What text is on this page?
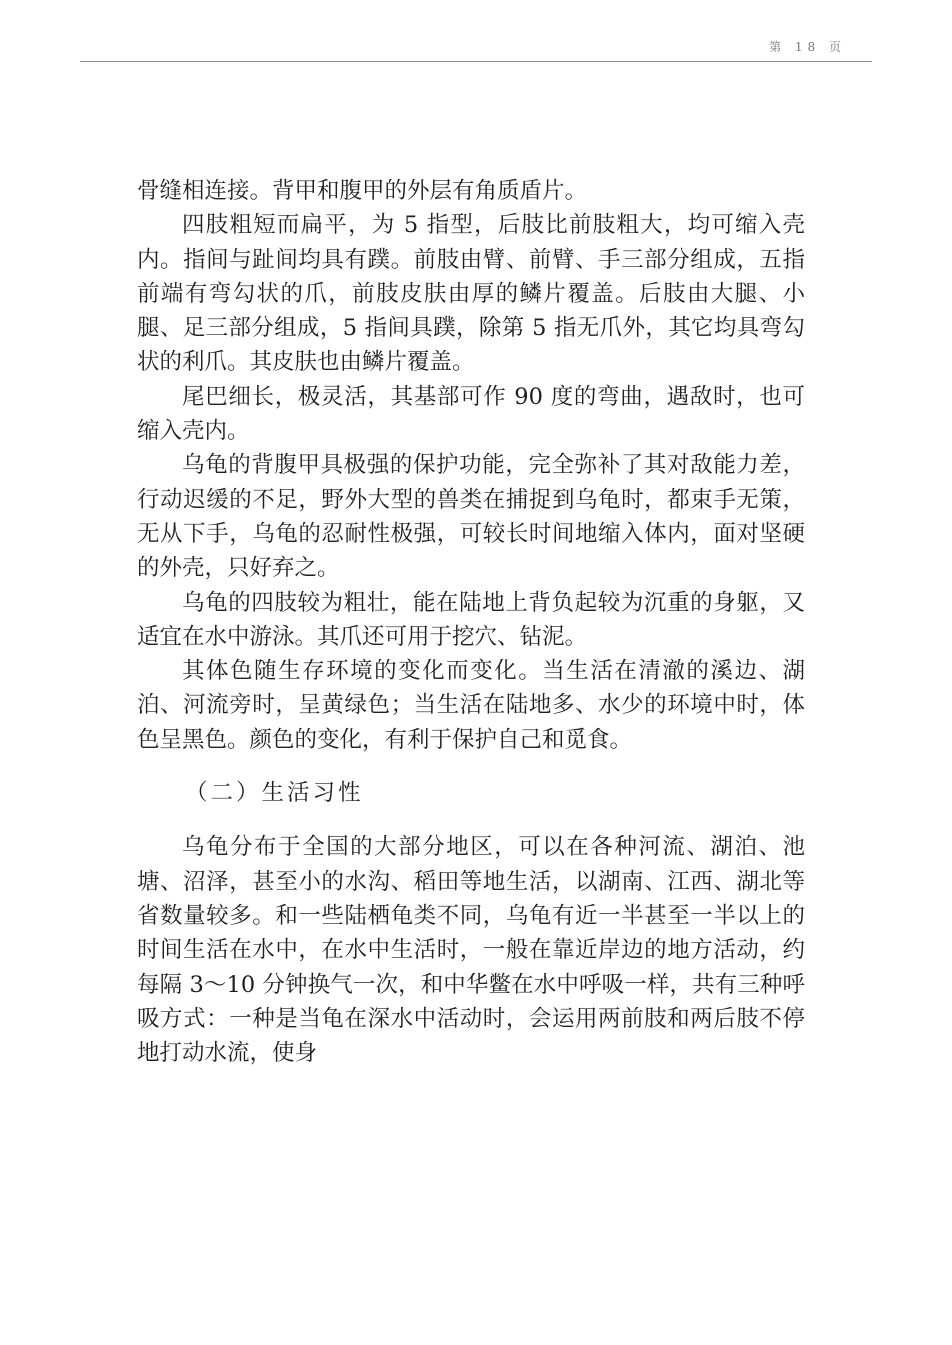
第 18 页

骨缝相连接。背甲和腹甲的外层有角质盾片。

四肢粗短而扁平，为 5 指型，后肢比前肢粗大，均可缩入壳内。指间与趾间均具有蹼。前肢由臂、前臂、手三部分组成，五指前端有弯勾状的爪，前肢皮肤由厚的鳞片覆盖。后肢由大腿、小腿、足三部分组成，5 指间具蹼，除第 5 指无爪外，其它均具弯勾状的利爪。其皮肤也由鳞片覆盖。

尾巴细长，极灵活，其基部可作 90 度的弯曲，遇敌时，也可缩入壳内。

乌龟的背腹甲具极强的保护功能，完全弥补了其对敌能力差，行动迟缓的不足，野外大型的兽类在捕捉到乌龟时，都束手无策，无从下手，乌龟的忍耐性极强，可较长时间地缩入体内，面对坚硬的外壳，只好弃之。

乌龟的四肢较为粗壮，能在陆地上背负起较为沉重的身躯，又适宜在水中游泳。其爪还可用于挖穴、钻泥。

其体色随生存环境的变化而变化。当生活在清澈的溪边、湖泊、河流旁时，呈黄绿色；当生活在陆地多、水少的环境中时，体色呈黑色。颜色的变化，有利于保护自己和觅食。

（二）生活习性

乌龟分布于全国的大部分地区，可以在各种河流、湖泊、池塘、沼泽，甚至小的水沟、稻田等地生活，以湖南、江西、湖北等省数量较多。和一些陆栖龟类不同，乌龟有近一半甚至一半以上的时间生活在水中，在水中生活时，一般在靠近岸边的地方活动，约每隔 3～10 分钟换气一次，和中华鳖在水中呼吸一样，共有三种呼吸方式：一种是当龟在深水中活动时，会运用两前肢和两后肢不停地打动水流，使身
